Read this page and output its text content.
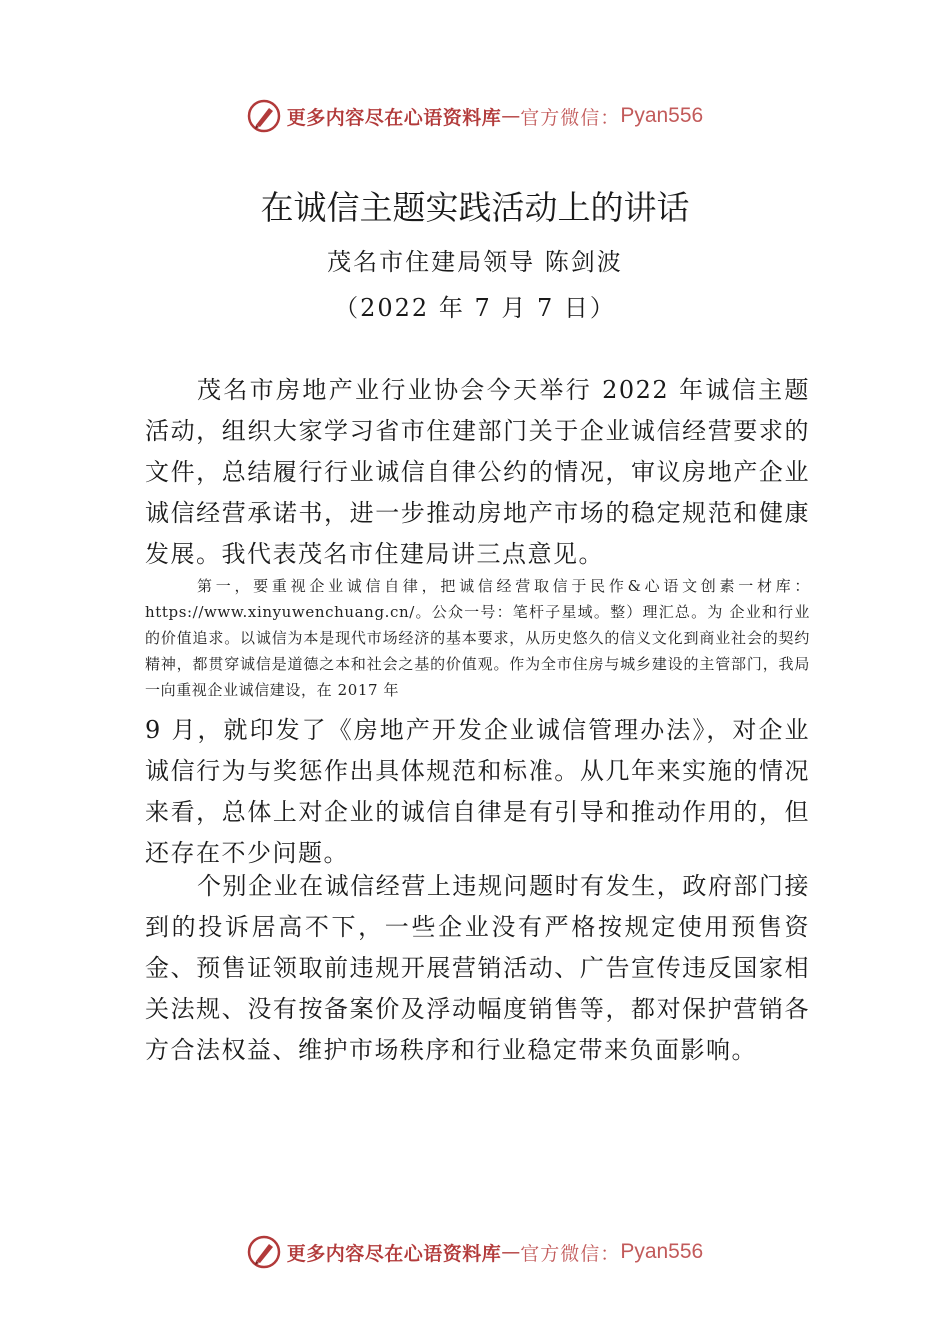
更多内容尽在心语资料库 — 官方微信： Pyan556
在诚信主题实践活动上的讲话
茂名市住建局领导 陈剑波
（2022 年 7 月 7 日）

茂名市房地产业行业协会今天举行 2022 年诚信主题活动，组织大家学习省市住建部门关于企业诚信经营要求的文件，总结履行行业诚信自律公约的情况，审议房地产企业诚信经营承诺书，进一步推动房地产市场的稳定规范和健康发展。我代表茂名市住建局讲三点意见。

第一，要重视企业诚信自律，把诚信经营取信于民作&心语文创素一材库：https://www.xinyuwenchuang.cn/。公众一号：笔杆子星域。整）理汇总。为 企业和行业的价值追求。以诚信为本是现代市场经济的基本要求，从历史悠久的信义文化到商业社会的契约精神，都贯穿诚信是道德之本和社会之基的价值观。作为全市住房与城乡建设的主管部门，我局一向重视企业诚信建设，在 2017 年

9 月，就印发了《房地产开发企业诚信管理办法》，对企业诚信行为与奖惩作出具体规范和标准。从几年来实施的情况来看，总体上对企业的诚信自律是有引导和推动作用的，但还存在不少问题。

个别企业在诚信经营上违规问题时有发生，政府部门接到的投诉居高不下，一些企业没有严格按规定使用预售资金、预售证领取前违规开展营销活动、广告宣传违反国家相关法规、没有按备案价及浮动幅度销售等，都对保护营销各方合法权益、维护市场秩序和行业稳定带来负面影响。

更多内容尽在心语资料库 — 官方微信： Pyan556
